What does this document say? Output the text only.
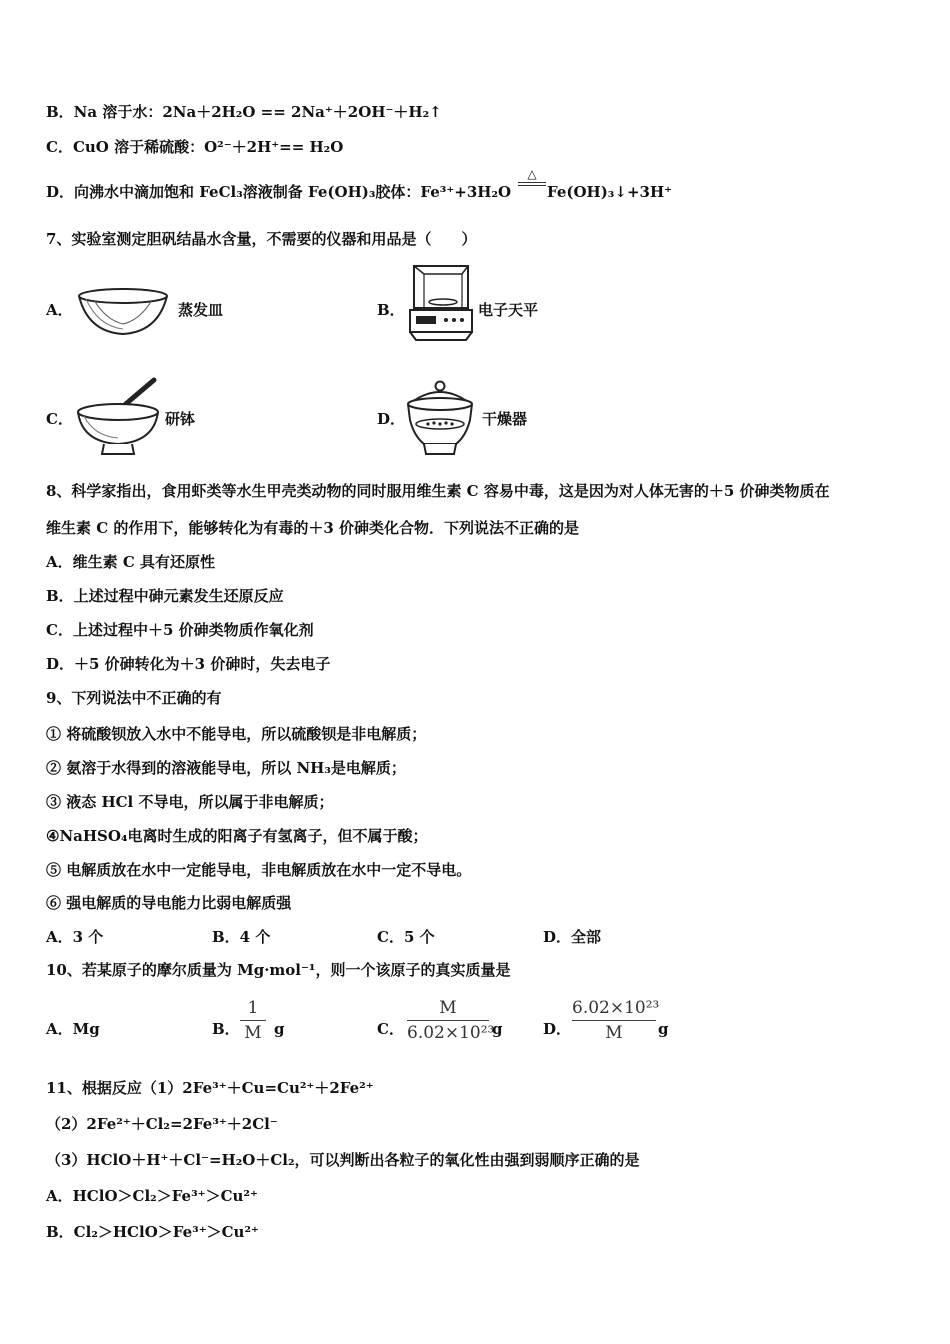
B．Na 溶于水：2Na＋2H₂O == 2Na⁺＋2OH⁻＋H₂↑
C．CuO 溶于稀硫酸：O²⁻＋2H⁺== H₂O
D．向沸水中滴加饱和 FeCl₃溶液制备 Fe(OH)₃胶体：Fe³⁺+3H₂O
△
Fe(OH)₃↓+3H⁺
7、实验室测定胆矾结晶水含量，不需要的仪器和用品是（　　）
A．	蒸发皿	B．	电子天平
C．	研钵	D．	干燥器
8、科学家指出，食用虾类等水生甲壳类动物的同时服用维生素 C 容易中毒，这是因为对人体无害的＋5 价砷类物质在
维生素 C 的作用下，能够转化为有毒的＋3 价砷类化合物．下列说法不正确的是
A．维生素 C 具有还原性
B．上述过程中砷元素发生还原反应
C．上述过程中＋5 价砷类物质作氧化剂
D．＋5 价砷转化为＋3 价砷时，失去电子
9、下列说法中不正确的有
① 将硫酸钡放入水中不能导电，所以硫酸钡是非电解质；
② 氨溶于水得到的溶液能导电，所以 NH₃是电解质；
③ 液态 HCl 不导电，所以属于非电解质；
④NaHSO₄电离时生成的阳离子有氢离子，但不属于酸；
⑤ 电解质放在水中一定能导电，非电解质放在水中一定不导电。
⑥ 强电解质的导电能力比弱电解质强
A．3 个	B．4 个	C．5 个	D．全部
10、若某原子的摩尔质量为 Mg·mol⁻¹，则一个该原子的真实质量是
A．Mg	B．
1
M g	C．
M
6.02×10²³
g	D．
6.02×10²³
M	g
11、根据反应（1）2Fe³⁺＋Cu=Cu²⁺＋2Fe²⁺
（2）2Fe²⁺＋Cl₂=2Fe³⁺＋2Cl⁻
（3）HClO＋H⁺＋Cl⁻=H₂O＋Cl₂，可以判断出各粒子的氧化性由强到弱顺序正确的是
A．HClO＞Cl₂＞Fe³⁺＞Cu²⁺
B．Cl₂＞HClO＞Fe³⁺＞Cu²⁺
